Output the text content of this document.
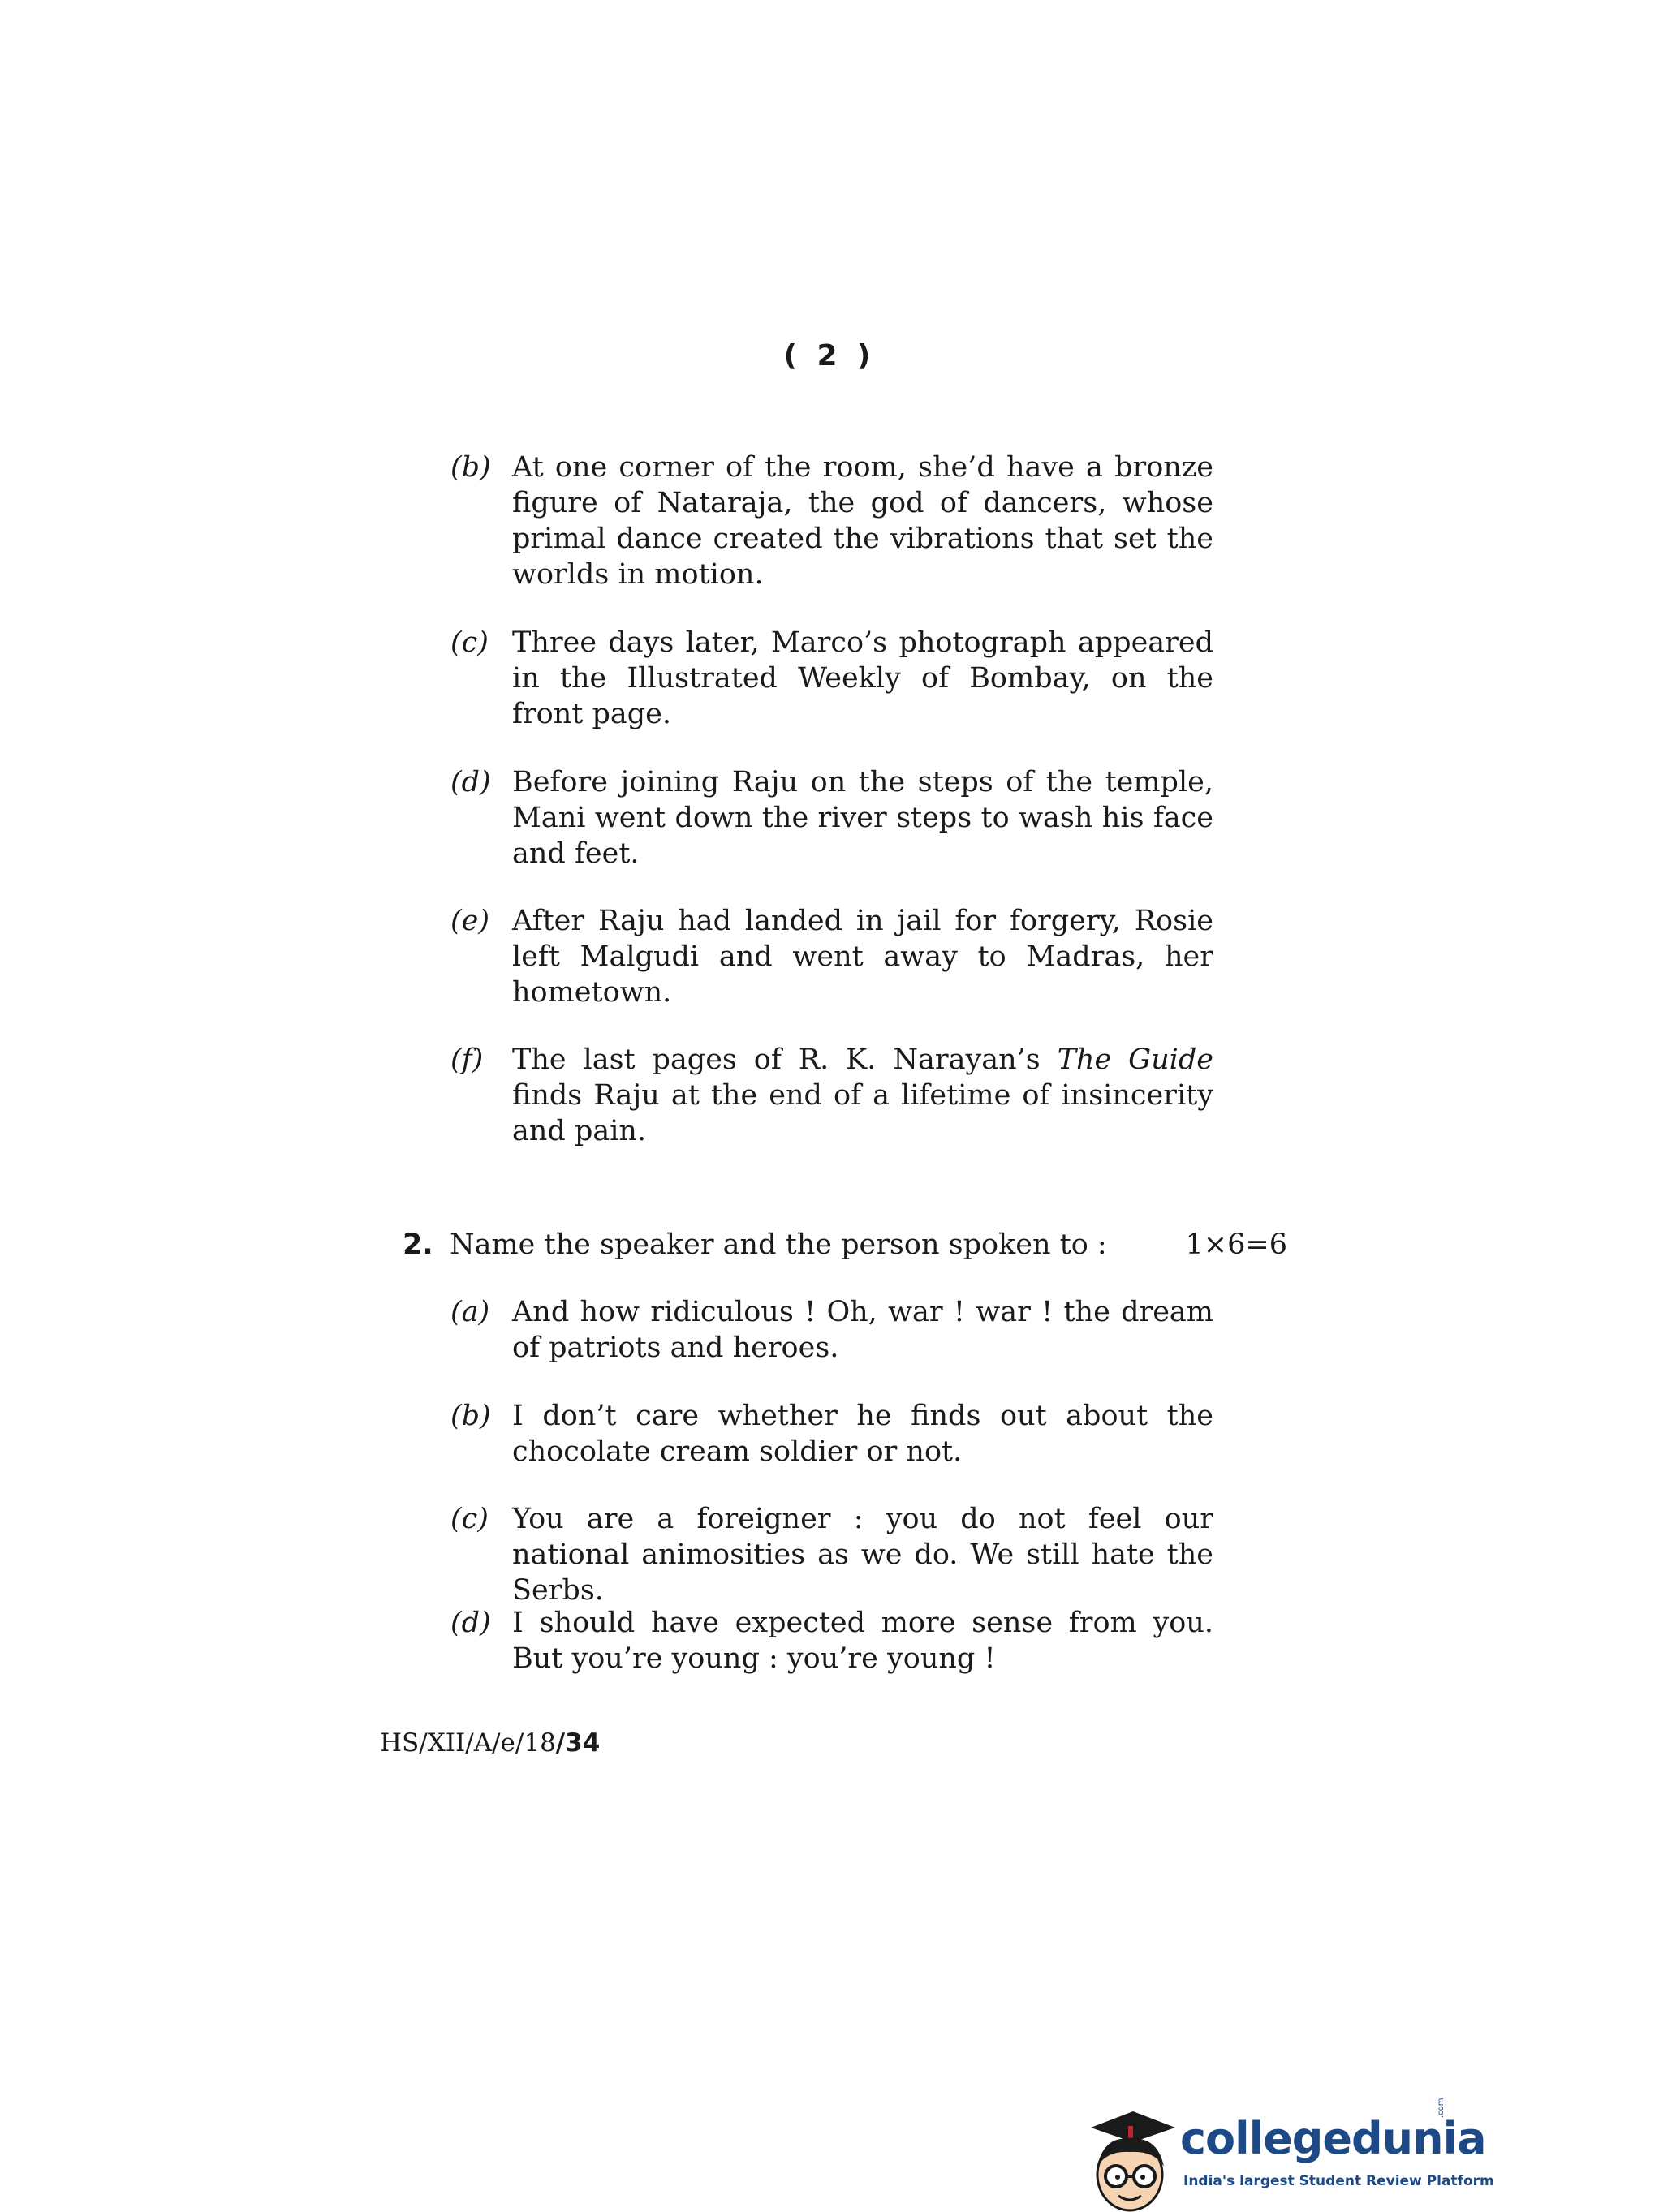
( 2 )
(b) At one corner of the room, she’d have a bronze figure of Nataraja, the god of dancers, whose primal dance created the vibrations that set the worlds in motion.
(c) Three days later, Marco’s photograph appeared in the Illustrated Weekly of Bombay, on the front page.
(d) Before joining Raju on the steps of the temple, Mani went down the river steps to wash his face and feet.
(e) After Raju had landed in jail for forgery, Rosie left Malgudi and went away to Madras, her hometown.
(f) The last pages of R. K. Narayan’s The Guide finds Raju at the end of a lifetime of insincerity and pain.
2. Name the speaker and the person spoken to :	1×6=6
(a) And how ridiculous ! Oh, war ! war ! the dream of patriots and heroes.
(b) I don’t care whether he finds out about the chocolate cream soldier or not.
(c) You are a foreigner : you do not feel our national animosities as we do. We still hate the Serbs.
(d) I should have expected more sense from you. But you’re young : you’re young !
HS/XII/A/e/18/34
collegedunia
.com
India's largest Student Review Platform
